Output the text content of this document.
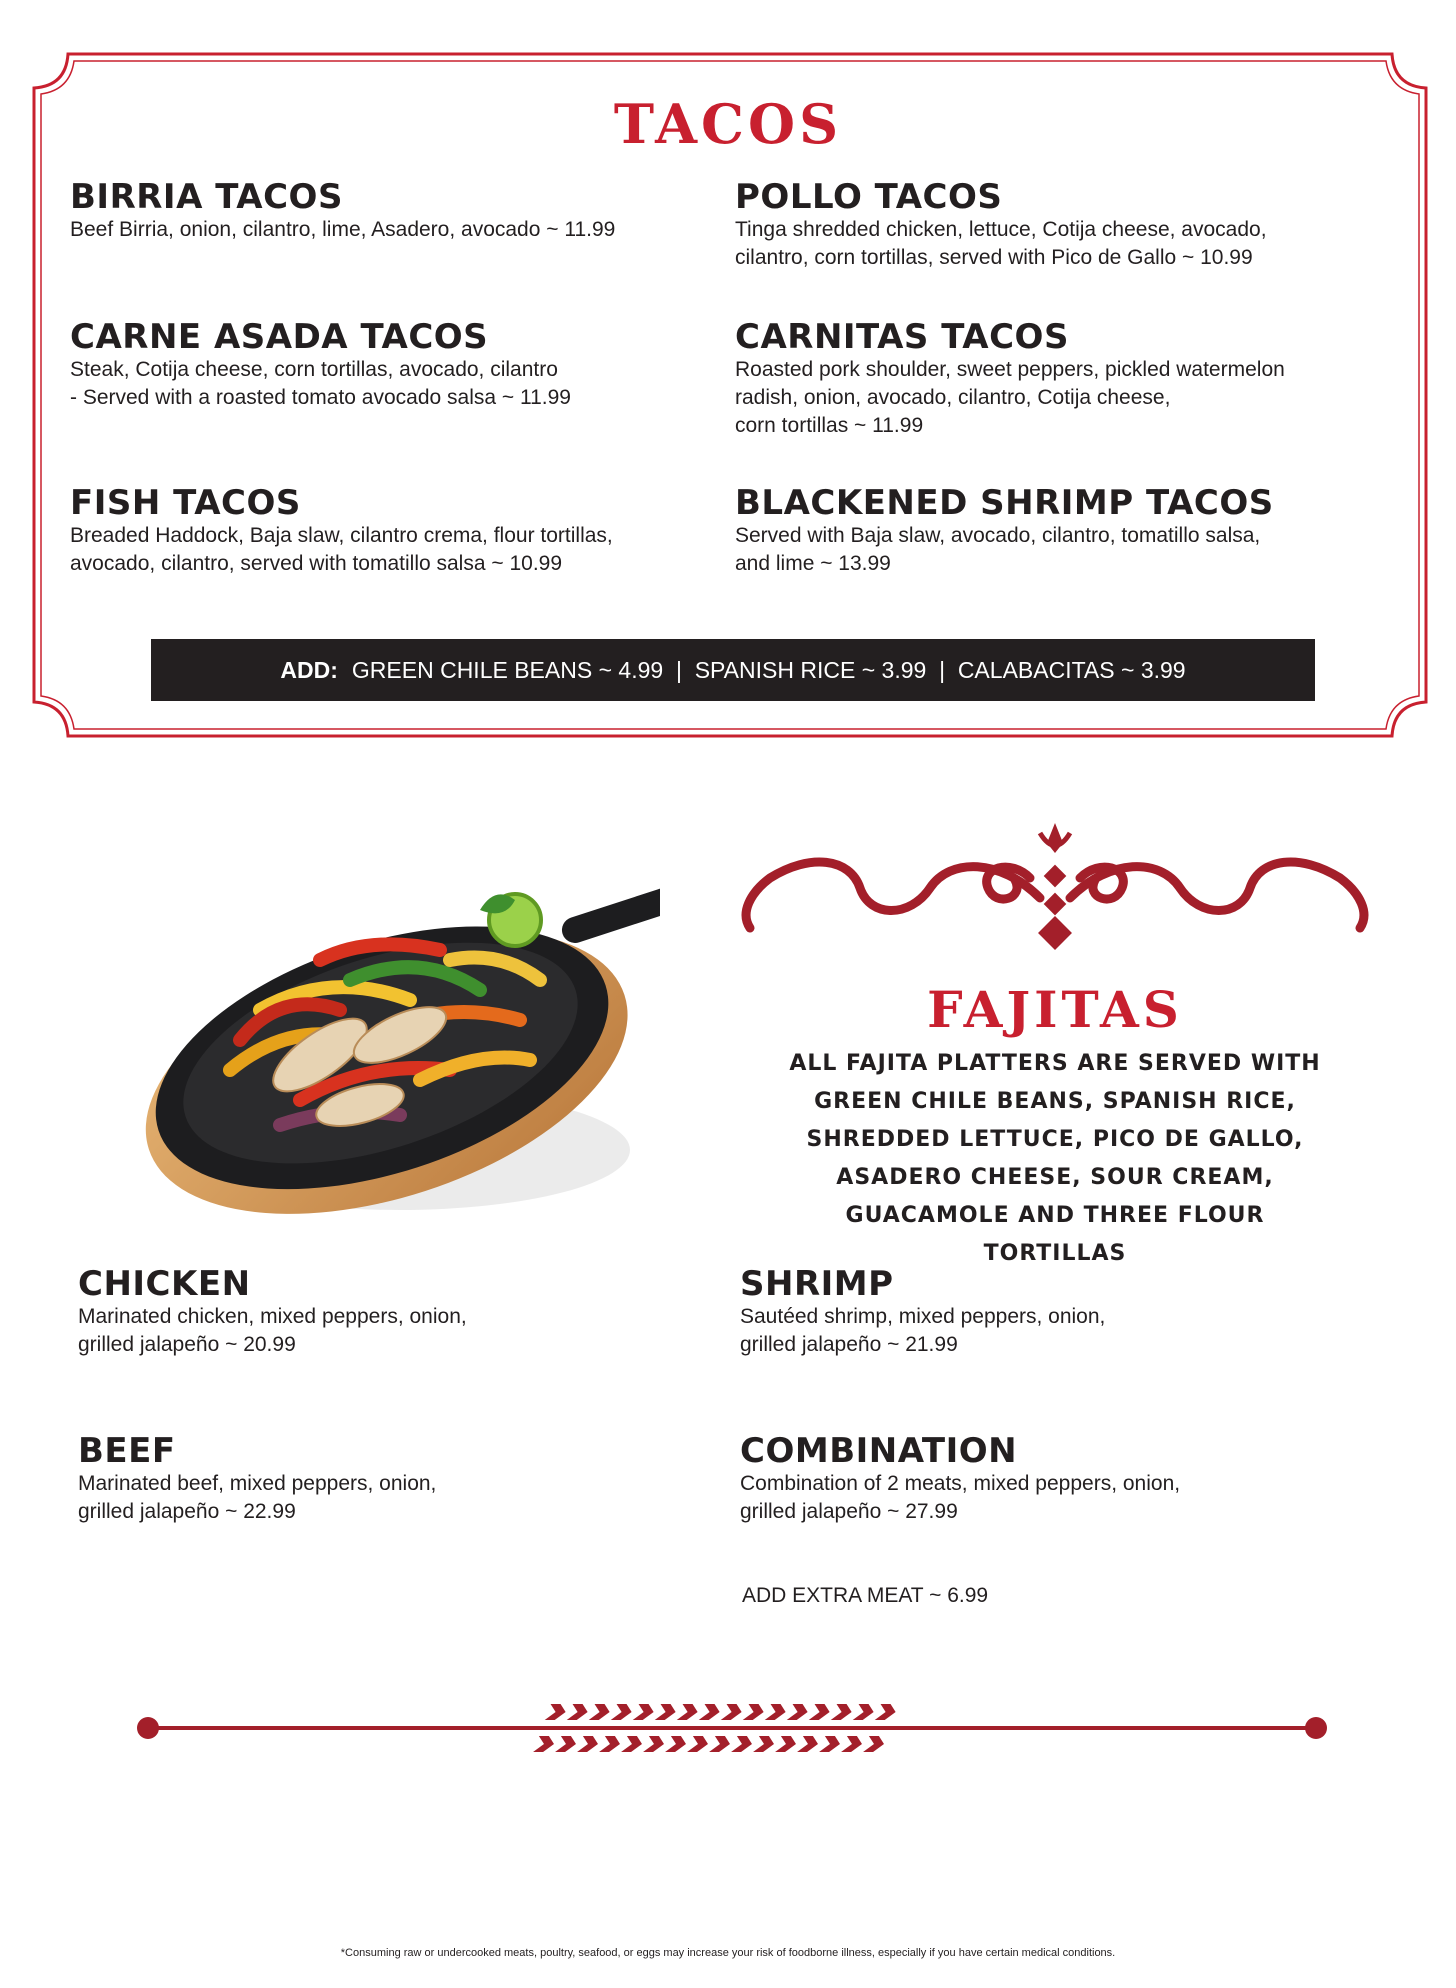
TACOS
BIRRIA TACOS
Beef Birria, onion, cilantro, lime, Asadero, avocado ~ 11.99
POLLO TACOS
Tinga shredded chicken, lettuce, Cotija cheese, avocado,
cilantro, corn tortillas, served with Pico de Gallo ~ 10.99
CARNE ASADA TACOS
Steak, Cotija cheese, corn tortillas, avocado, cilantro
- Served with a roasted tomato avocado salsa ~ 11.99
CARNITAS TACOS
Roasted pork shoulder, sweet peppers, pickled watermelon
radish, onion, avocado, cilantro, Cotija cheese,
corn tortillas ~ 11.99
FISH TACOS
Breaded Haddock, Baja slaw, cilantro crema, flour tortillas,
avocado, cilantro, served with tomatillo salsa ~ 10.99
BLACKENED SHRIMP TACOS
Served with Baja slaw, avocado, cilantro, tomatillo salsa,
and lime ~ 13.99
ADD: GREEN CHILE BEANS ~ 4.99  |  SPANISH RICE ~ 3.99  |  CALABACITAS ~ 3.99
FAJITAS
ALL FAJITA PLATTERS ARE SERVED WITH
GREEN CHILE BEANS, SPANISH RICE,
SHREDDED LETTUCE, PICO DE GALLO,
ASADERO CHEESE, SOUR CREAM,
GUACAMOLE AND THREE FLOUR TORTILLAS
CHICKEN
Marinated chicken, mixed peppers, onion,
grilled jalapeño ~ 20.99
SHRIMP
Sautéed shrimp, mixed peppers, onion,
grilled jalapeño ~ 21.99
BEEF
Marinated beef, mixed peppers, onion,
grilled jalapeño ~ 22.99
COMBINATION
Combination of 2 meats, mixed peppers, onion,
grilled jalapeño ~ 27.99
ADD EXTRA MEAT ~ 6.99
*Consuming raw or undercooked meats, poultry, seafood, or eggs may increase your risk of foodborne illness, especially if you have certain medical conditions.
